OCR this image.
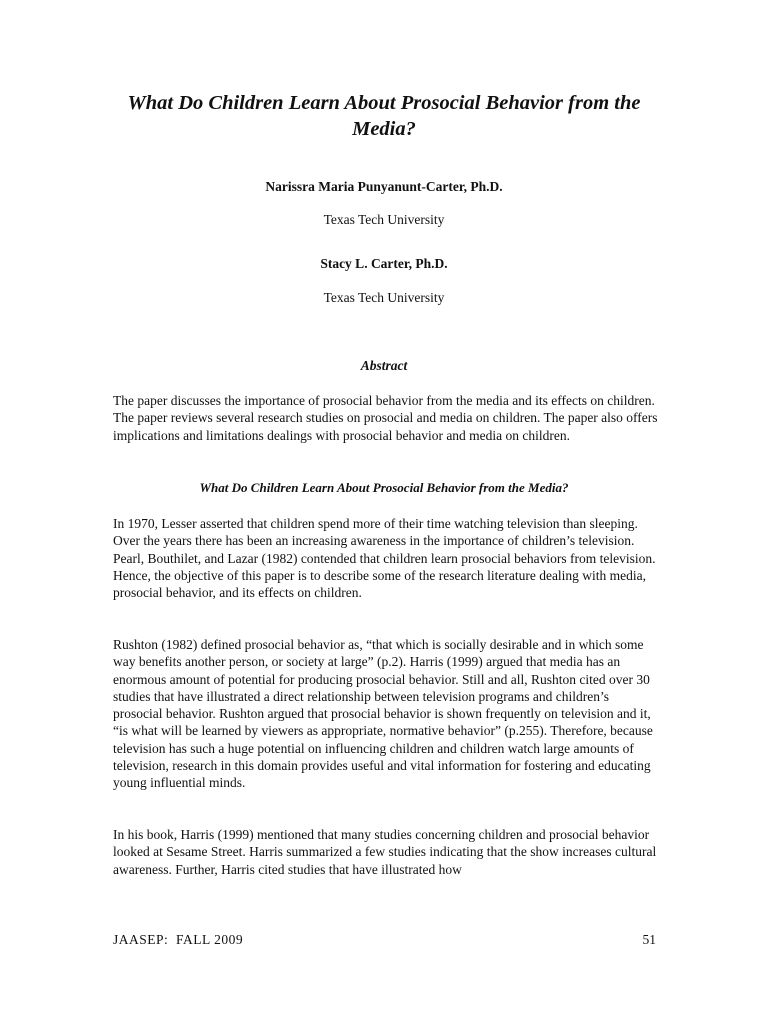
What Do Children Learn About Prosocial Behavior from the Media?

Narissra Maria Punyanunt-Carter, Ph.D.

Texas Tech University

Stacy L. Carter, Ph.D.

Texas Tech University

Abstract

The paper discusses the importance of prosocial behavior from the media and its effects on children. The paper reviews several research studies on prosocial and media on children. The paper also offers implications and limitations dealings with prosocial behavior and media on children.

What Do Children Learn About Prosocial Behavior from the Media?

In 1970, Lesser asserted that children spend more of their time watching television than sleeping. Over the years there has been an increasing awareness in the importance of children’s television. Pearl, Bouthilet, and Lazar (1982) contended that children learn prosocial behaviors from television. Hence, the objective of this paper is to describe some of the research literature dealing with media, prosocial behavior, and its effects on children.

Rushton (1982) defined prosocial behavior as, “that which is socially desirable and in which some way benefits another person, or society at large” (p.2). Harris (1999) argued that media has an enormous amount of potential for producing prosocial behavior. Still and all, Rushton cited over 30 studies that have illustrated a direct relationship between television programs and children’s prosocial behavior. Rushton argued that prosocial behavior is shown frequently on television and it, “is what will be learned by viewers as appropriate, normative behavior” (p.255). Therefore, because television has such a huge potential on influencing children and children watch large amounts of television, research in this domain provides useful and vital information for fostering and educating young influential minds.

In his book, Harris (1999) mentioned that many studies concerning children and prosocial behavior looked at Sesame Street. Harris summarized a few studies indicating that the show increases cultural awareness. Further, Harris cited studies that have illustrated how

JAASEP:  FALL 2009	51
